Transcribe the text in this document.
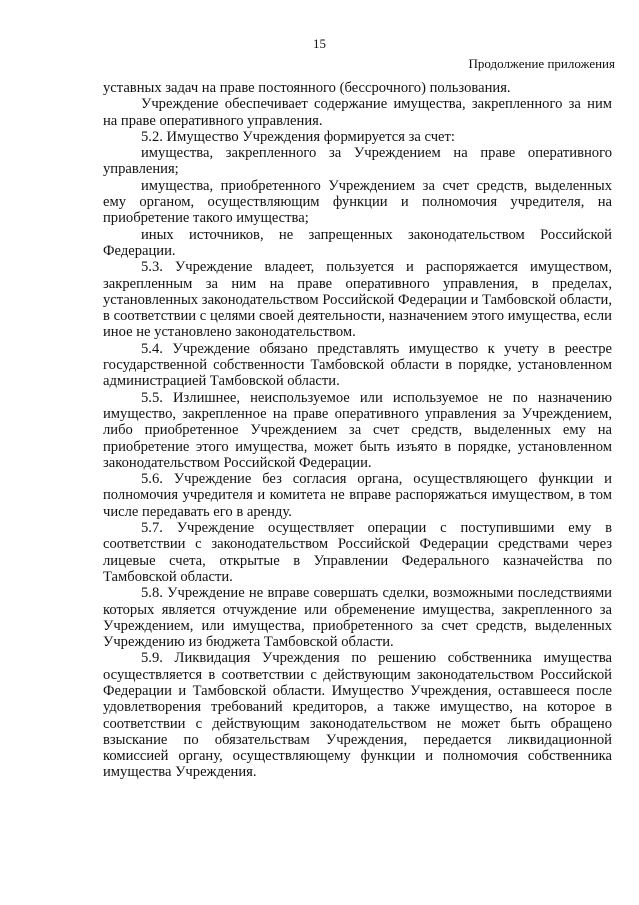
15
Продолжение приложения

уставных задач на праве постоянного (бессрочного) пользования.

Учреждение обеспечивает содержание имущества, закрепленного за ним на праве оперативного управления.

5.2. Имущество Учреждения формируется за счет:

имущества, закрепленного за Учреждением на праве оперативного управления;

имущества, приобретенного Учреждением за счет средств, выделенных ему органом, осуществляющим функции и полномочия учредителя, на приобретение такого имущества;

иных источников, не запрещенных законодательством Российской Федерации.

5.3. Учреждение владеет, пользуется и распоряжается имуществом, закрепленным за ним на праве оперативного управления, в пределах, установленных законодательством Российской Федерации и Тамбовской области, в соответствии с целями своей деятельности, назначением этого имущества, если иное не установлено законодательством.

5.4. Учреждение обязано представлять имущество к учету в реестре государственной собственности Тамбовской области в порядке, установленном администрацией Тамбовской области.

5.5. Излишнее, неиспользуемое или используемое не по назначению имущество, закрепленное на праве оперативного управления за Учреждением, либо приобретенное Учреждением за счет средств, выделенных ему на приобретение этого имущества, может быть изъято в порядке, установленном законодательством Российской Федерации.

5.6. Учреждение без согласия органа, осуществляющего функции и полномочия учредителя и комитета не вправе распоряжаться имуществом, в том числе передавать его в аренду.

5.7. Учреждение осуществляет операции с поступившими ему в соответствии с законодательством Российской Федерации средствами через лицевые счета, открытые в Управлении Федерального казначейства по Тамбовской области.

5.8. Учреждение не вправе совершать сделки, возможными последствиями которых является отчуждение или обременение имущества, закрепленного за Учреждением, или имущества, приобретенного за счет средств, выделенных Учреждению из бюджета Тамбовской области.

5.9. Ликвидация Учреждения по решению собственника имущества осуществляется в соответствии с действующим законодательством Российской Федерации и Тамбовской области. Имущество Учреждения, оставшееся после удовлетворения требований кредиторов, а также имущество, на которое в соответствии с действующим законодательством не может быть обращено взыскание по обязательствам Учреждения, передается ликвидационной комиссией органу, осуществляющему функции и полномочия собственника имущества Учреждения.
